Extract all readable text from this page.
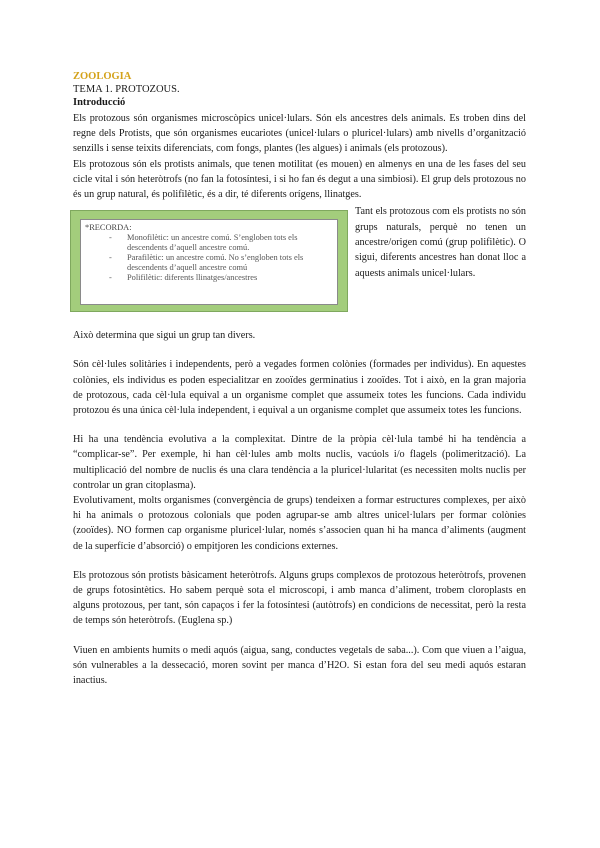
ZOOLOGIA

TEMA 1. PROTOZOUS.

Introducció

Els protozous són organismes microscòpics unicel·lulars. Són els ancestres dels animals. Es troben dins del regne dels Protists, que són organismes eucariotes (unicel·lulars o pluricel·lulars) amb nivells d’organització senzills i sense teixits diferenciats, com fongs, plantes (les algues) i animals (els protozous).

Els protozous són els protists animals, que tenen motilitat (es mouen) en almenys en una de les fases del seu cicle vital i són heteròtrofs (no fan la fotosíntesi, i si ho fan és degut a una simbiosi). El grup dels protozous no és un grup natural, és polifilètic, és a dir, té diferents orígens, llinatges.

*RECORDA:
- Monofilètic: un ancestre comú. S’engloben tots els descendents d’aquell ancestre comú.
- Parafilètic: un ancestre comú. No s’engloben tots els descendents d’aquell ancestre comú
- Polifilètic: diferents llinatges/ancestres

Tant els protozous com els protists no són grups naturals, perquè no tenen un ancestre/origen comú (grup polifilètic). O sigui, diferents ancestres han donat lloc a aquests animals unicel·lulars.

Això determina que sigui un grup tan divers.

Són cèl·lules solitàries i independents, però a vegades formen colònies (formades per individus). En aquestes colònies, els individus es poden especialitzar en zooïdes germinatius i zooïdes. Tot i això, en la gran majoria de protozous, cada cèl·lula equival a un organisme complet que assumeix totes les funcions. Cada individu protozou és una única cèl·lula independent, i equival a un organisme complet que assumeix totes les funcions.

Hi ha una tendència evolutiva a la complexitat. Dintre de la pròpia cèl·lula també hi ha tendència a “complicar-se”. Per exemple, hi han cèl·lules amb molts nuclis, vacúols i/o flagels (polimerització). La multiplicació del nombre de nuclis és una clara tendència a la pluricel·lularitat (es necessiten molts nuclis per controlar un gran citoplasma).

Evolutivament, molts organismes (convergència de grups) tendeixen a formar estructures complexes, per això hi ha animals o protozous colonials que poden agrupar-se amb altres unicel·lulars per formar colònies (zooïdes). NO formen cap organisme pluricel·lular, només s’associen quan hi ha manca d’aliments (augment de la superfície d’absorció) o empitjoren les condicions externes.

Els protozous són protists bàsicament heteròtrofs. Alguns grups complexos de protozous heteròtrofs, provenen de grups fotosintètics. Ho sabem perquè sota el microscopi, i amb manca d’aliment, trobem cloroplasts en alguns protozous, per tant, són capaços i fer la fotosíntesi (autòtrofs) en condicions de necessitat, però la resta de temps són heteròtrofs. (Euglena sp.)

Viuen en ambients humits o medi aquós (aigua, sang, conductes vegetals de saba...). Com que viuen a l’aigua, són vulnerables a la dessecació, moren sovint per manca d’H2O. Si estan fora del seu medi aquós estaran inactius.
